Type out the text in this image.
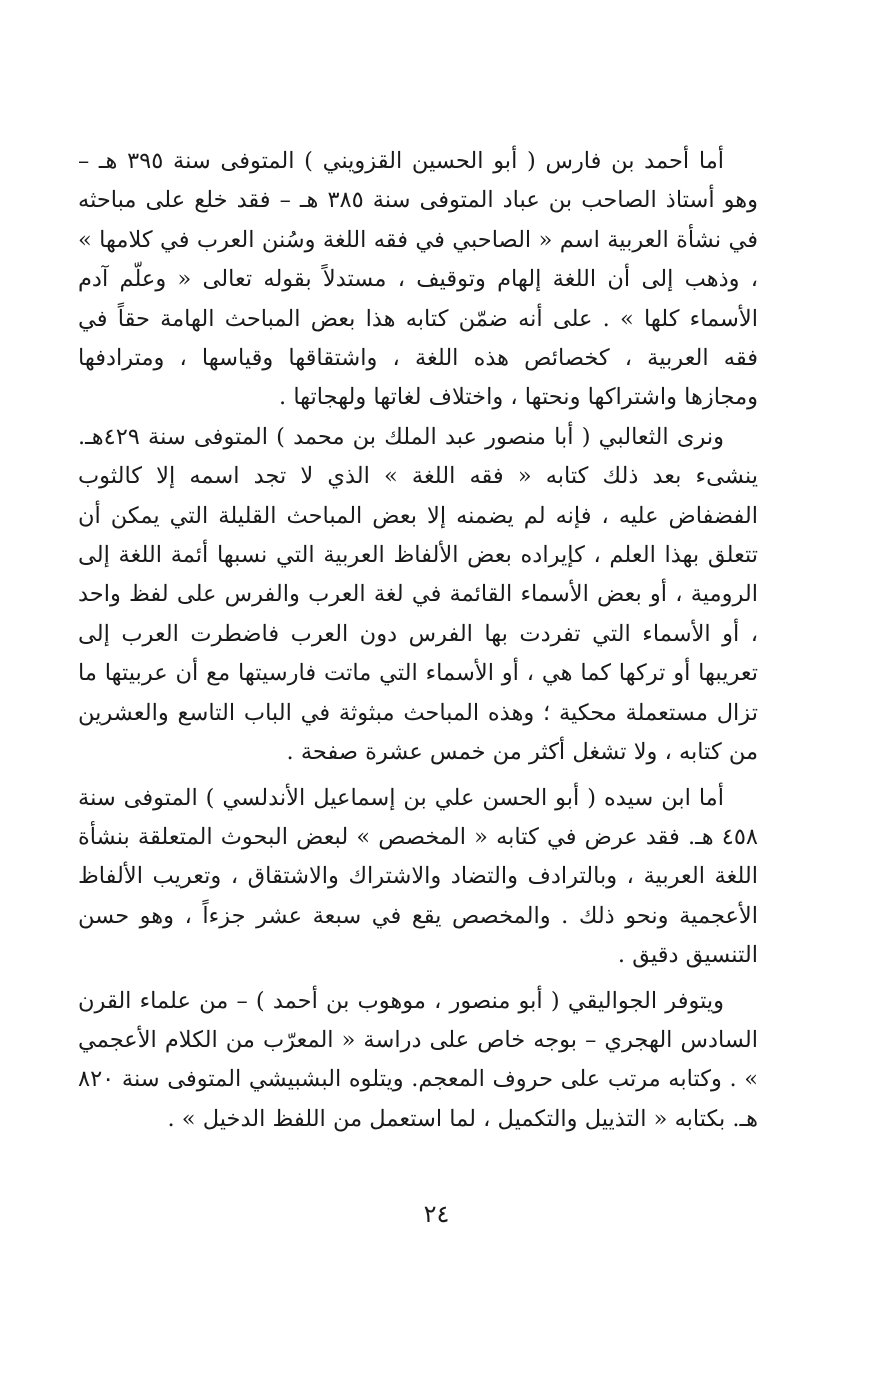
أما أحمد بن فارس ( أبو الحسين القزويني ) المتوفى سنة ٣٩٥ هـ – وهو أستاذ الصاحب بن عباد المتوفى سنة ٣٨٥ هـ – فقد خلع على مباحثه في نشأة العربية اسم « الصاحبي في فقه اللغة وسُنن العرب في كلامها » ، وذهب إلى أن اللغة إلهام وتوقيف ، مستدلاً بقوله تعالى « وعلّم آدم الأسماء كلها » . على أنه ضمّن كتابه هذا بعض المباحث الهامة حقاً في فقه العربية ، كخصائص هذه اللغة ، واشتقاقها وقياسها ، ومترادفها ومجازها واشتراكها ونحتها ، واختلاف لغاتها ولهجاتها .

ونرى الثعالبي ( أبا منصور عبد الملك بن محمد ) المتوفى سنة ٤٢٩هـ. ينشىء بعد ذلك كتابه « فقه اللغة » الذي لا تجد اسمه إلا كالثوب الفضفاض عليه ، فإنه لم يضمنه إلا بعض المباحث القليلة التي يمكن أن تتعلق بهذا العلم ، كإيراده بعض الألفاظ العربية التي نسبها أئمة اللغة إلى الرومية ، أو بعض الأسماء القائمة في لغة العرب والفرس على لفظ واحد ، أو الأسماء التي تفردت بها الفرس دون العرب فاضطرت العرب إلى تعريبها أو تركها كما هي ، أو الأسماء التي ماتت فارسيتها مع أن عربيتها ما تزال مستعملة محكية ؛ وهذه المباحث مبثوثة في الباب التاسع والعشرين من كتابه ، ولا تشغل أكثر من خمس عشرة صفحة .

أما ابن سيده ( أبو الحسن علي بن إسماعيل الأندلسي ) المتوفى سنة ٤٥٨ هـ. فقد عرض في كتابه « المخصص » لبعض البحوث المتعلقة بنشأة اللغة العربية ، وبالترادف والتضاد والاشتراك والاشتقاق ، وتعريب الألفاظ الأعجمية ونحو ذلك . والمخصص يقع في سبعة عشر جزءاً ، وهو حسن التنسيق دقيق .

ويتوفر الجواليقي ( أبو منصور ، موهوب بن أحمد ) – من علماء القرن السادس الهجري – بوجه خاص على دراسة « المعرّب من الكلام الأعجمي » . وكتابه مرتب على حروف المعجم. ويتلوه البشبيشي المتوفى سنة ٨٢٠ هـ. بكتابه « التذييل والتكميل ، لما استعمل من اللفظ الدخيل » .

٢٤
